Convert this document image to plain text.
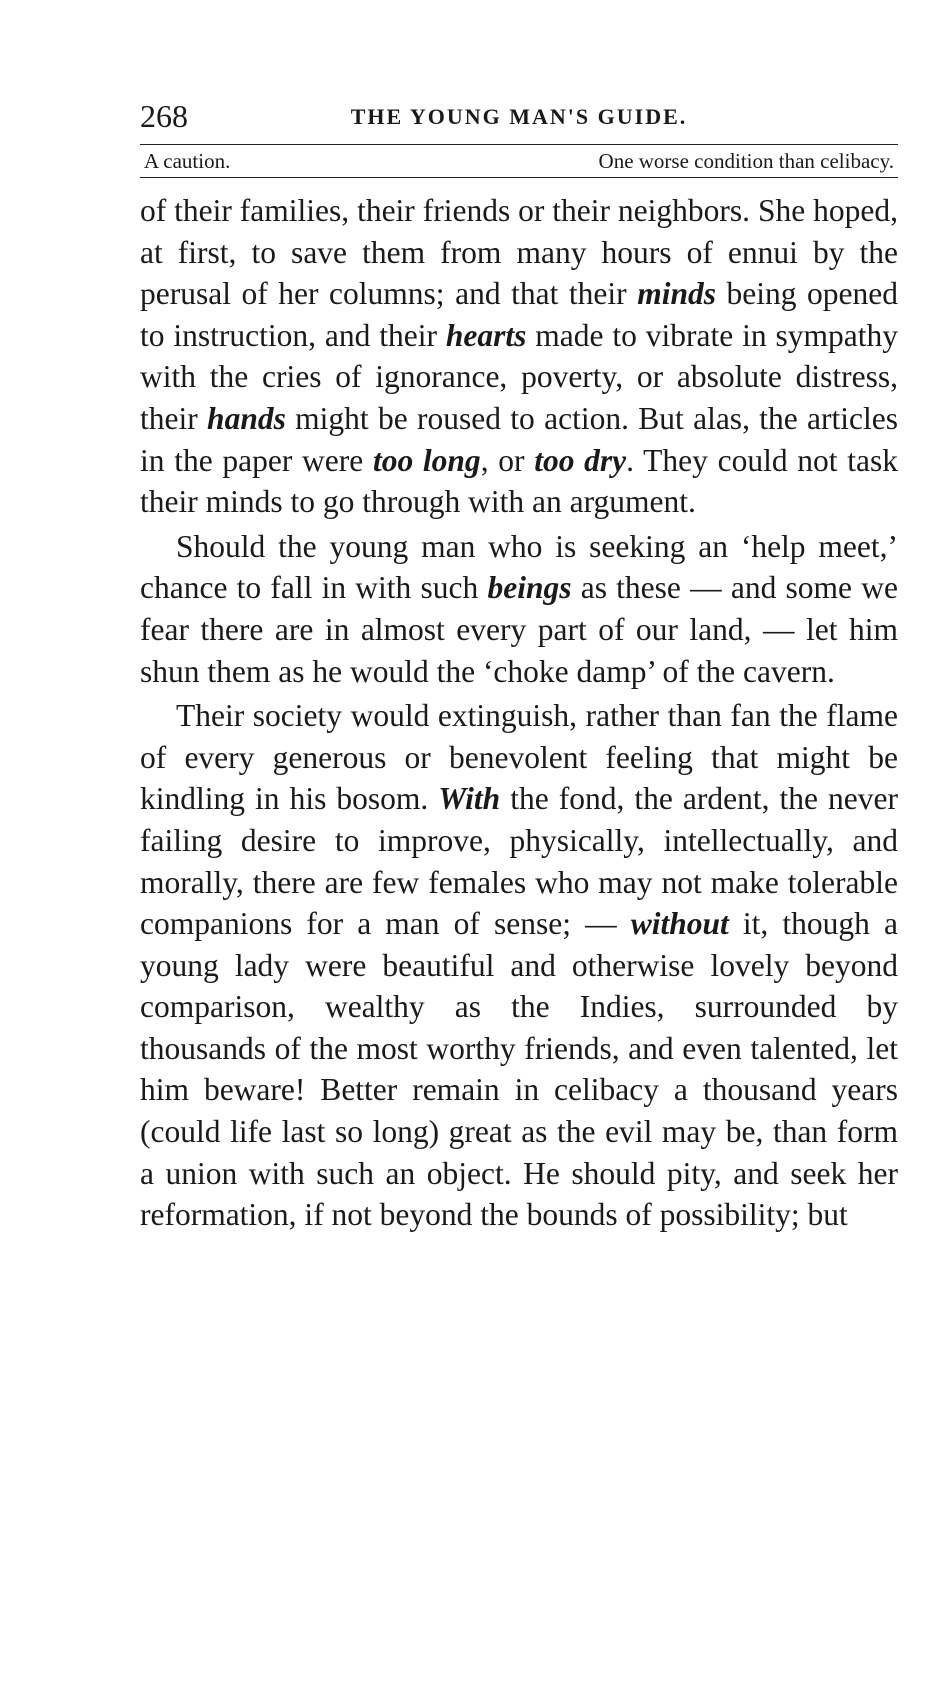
268	THE YOUNG MAN'S GUIDE.
A caution.	One worse condition than celibacy.

of their families, their friends or their neighbors. She hoped, at first, to save them from many hours of ennui by the perusal of her columns; and that their minds being opened to instruction, and their hearts made to vibrate in sympathy with the cries of ignorance, poverty, or absolute distress, their hands might be roused to action. But alas, the articles in the paper were too long, or too dry. They could not task their minds to go through with an argument.

Should the young man who is seeking an ‘help meet,’ chance to fall in with such beings as these — and some we fear there are in almost every part of our land, — let him shun them as he would the ‘choke damp’ of the cavern.

Their society would extinguish, rather than fan the flame of every generous or benevolent feeling that might be kindling in his bosom. With the fond, the ardent, the never failing desire to improve, physically, intellectually, and morally, there are few females who may not make tolerable companions for a man of sense; — without it, though a young lady were beautiful and otherwise lovely beyond comparison, wealthy as the Indies, surrounded by thousands of the most worthy friends, and even talented, let him beware! Better remain in celibacy a thousand years (could life last so long) great as the evil may be, than form a union with such an object. He should pity, and seek her reformation, if not beyond the bounds of possibility; but
